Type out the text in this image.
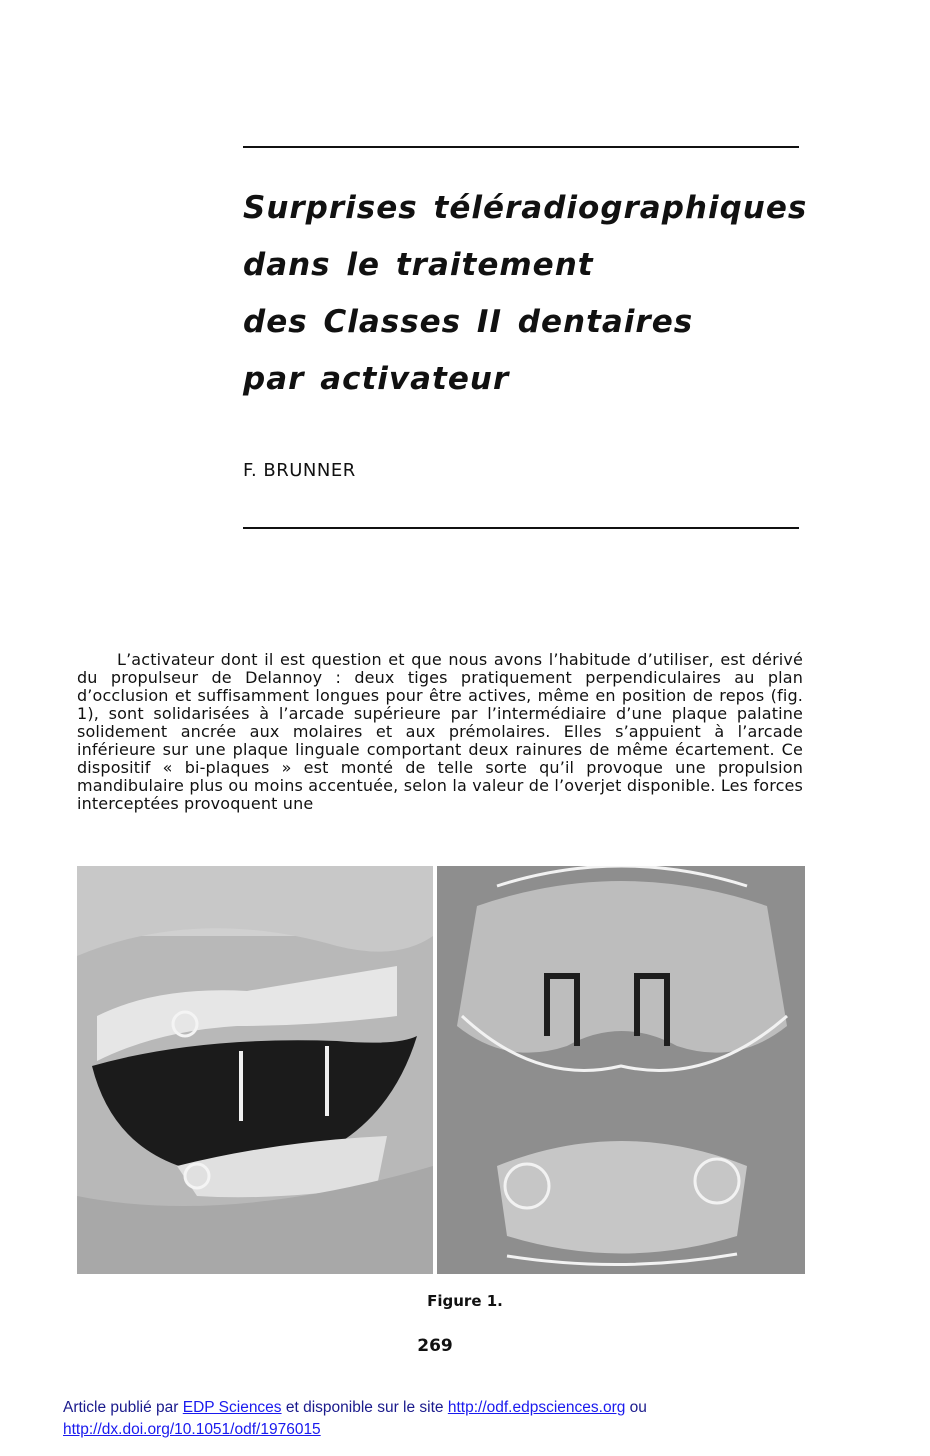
Surprises téléradiographiques
dans le traitement
des Classes II dentaires
par activateur
F. BRUNNER

L’activateur dont il est question et que nous avons l’habitude d’utiliser, est dérivé du propulseur de Delannoy : deux tiges pratiquement perpendiculaires au plan d’occlusion et suffisamment longues pour être actives, même en position de repos (fig. 1), sont solidarisées à l’arcade supérieure par l’intermédiaire d’une plaque palatine solidement ancrée aux molaires et aux prémolaires. Elles s’appuient à l’arcade inférieure sur une plaque linguale comportant deux rainures de même écartement. Ce dispositif « bi-plaques » est monté de telle sorte qu’il provoque une propulsion mandibulaire plus ou moins accentuée, selon la valeur de l’overjet disponible. Les forces interceptées provoquent une

Figure 1.
269
Article publié par EDP Sciences et disponible sur le site http://odf.edpsciences.org ou
http://dx.doi.org/10.1051/odf/1976015
